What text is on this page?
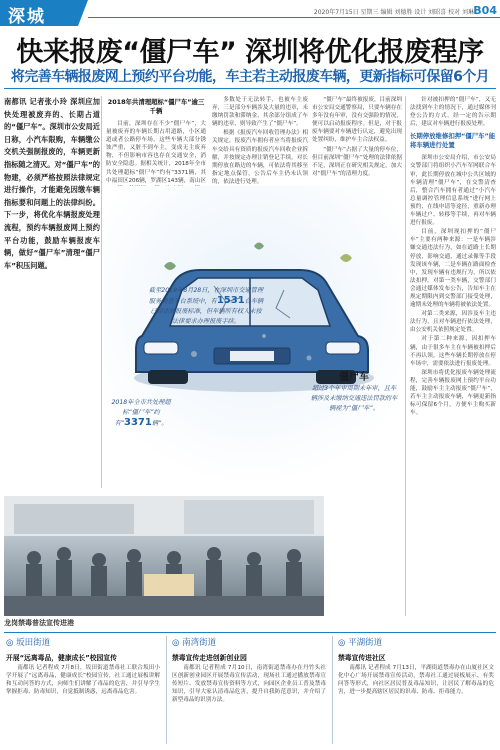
深城	2020年7月15日 星期三 编辑 刘德胜 设计 刘昭喜 校对 刘琳 B04
快来报废“僵尸车” 深圳将优化报废程序
将完善车辆报废网上预约平台功能，车主若主动报废车辆，更新指标可保留6个月
南都讯 记者张小玲 深圳应加快处理被废弃的、长期占道的“僵尸车”。深圳市公安局近日称，小汽车限购，车辆缴公交机关强制报废的，车辆更新指标随之清灭。对“僵尸车”的物建，必须严格按照法律规定进行操作，才能避免因缴车辆指标要和问题上的法律纠纷。下一步，将优化车辆报废处理流程，预约车辆报废网上预约平台功能，鼓励车辆报废车辆，做好“僵尸车”清理“僵尸车”积压问题。
2018年共清理超标“僵尸车”逾三千辆

目前，深圳存在不少“僵尸车”，大量被废弃的车辆长期占用道路，小区通道或者公路停车场，这些车辆大部分锈蚀严重，又脏不到车主，变成无主废弃物，不但影响市容也存在交通安全，消防安全隐患。据相关统计，2018年全市共处理超标“僵尸车”约有“3371辆，其中福田区206辆，罗湖区143辆，南山区

多数处于无法转手，也被车主废弃，三是部分车辆涉及大量的违章，未缴纳罚款和滞纳金，其余部分组成了车辆的违章，则导致产生了“僵尸车”。

根据《报废汽车回收管理办法》相关规定，报废汽车拥有者应当将报废汽车交给具有资质的报废汽车回收企业拆解，并按规定办理注销登记手续。对长期停放在路边的车辆，可依法将其移至指定地点保管，公告后车主仍未认领的，依法进行处理。

“僵尸车”最终被报废，目前深圳市公安局交通警察局，只要车辆存在多年没有年审，没有交强险的情况，便可以启动报废程序。但是，对于报废车辆要对车辆进行认定，避免出现处置纠纷，维护车主合法权益。

“僵尸车”占据了大量的停车位，但目前深圳“僵尸车”处理的法律依据不足，深圳正在研究相关规定，加大对“僵尸车”的清理力度。

针对被扣押的“僵尸车”，又无法找到车主的情况下，通过媒体刊登公告的方式，经一定的告示期后，建议对车辆进行报废处理。

长期停放维修扣押“僵尸车”能将车辆进行处置

深圳市公安局介绍，市公安局交警部门将组织小汽车军网联合车审，此长期停放在城中公共区域的车辆清理“僵尸车”，在交警清查后，整合汽车拥有者通过“小汽车总量调控管理信息系统”进行网上预约、在线申请等途径，重新办理车辆过户、转移等手续，再对车辆进行报废。

目前，深圳现扣押的“僵尸车”主要有两种来源：一是车辆涉嫌交通违法行为，如在道路上长期停放，影响交通，通过录像等手段发现该车辆，二是车辆在路面检查中，发现车辆有违规行为，所以依法扣押。对第一类车辆，交警部门会通过媒体发布公告，告知车主在规定期限内到交警部门接受处理，逾期未处理的车辆将被依法处置。

对第二类来源，因涉及车主违法行为，且对车辆进行依法处理，由公安机关依照规定处置。

对于第二种来源，因扣押车辆，由于很多车主在车辆被扣押后不再认领，这些车辆长期停放在停车场中，需要依法进行报废处理。

深圳市将优化报废车辆处理流程，完善车辆报废网上预约平台功能，鼓励车主主动报废“僵尸车”，若车主主动报废车辆，车辆更新指标可保留6个月，方便车主购买新车。

截至2019年8月28日，在深圳市交通管理服务调查平台系统中，有1531台车辆已经达到报废标准，但车辆所有权人未按法律要求办理报废手续。
2018年全市共处理超标“僵尸车”约有“3371辆”。
僵尸车
超过3个年审周期未年审，且车辆涉及未缴纳交通违法罚款的车辆视为“僵尸车”。
龙岗禁毒普法宣传进港
◎ 坂田街道
开展“远离毒品，健康成长”校园宣传

南都讯 记者程成 7月8日，坂田街道禁毒社工联合坂田小学开展了“远离毒品，健康成长”校园宣传，社工通过展板讲解和互动问答的方式，向师生们讲解了毒品的危害，并引导学生掌握拒毒、防毒知识，自觉抵制诱惑，远离毒品危害。

◎ 南湾街道
禁毒宣传走进创新创业园

南都讯 记者程成 7月10日，南湾街道禁毒办在丹竹头社区创新创业园区开展禁毒宣传活动，现场社工通过播放禁毒宣传短片、发放禁毒宣传资料等方式，向园区企业员工普及禁毒知识，引导大家认清毒品危害，提升自我防范意识，并介绍了新型毒品的识别方法。

◎ 平湖街道
禁毒宣传进社区

南都讯 记者程成 7月13日，平湖街道禁毒办在山厦社区文化中心广场开展禁毒宣传活动，禁毒社工通过展板展示、有奖问答等形式，向社区居民普及毒品知识，让居民了解毒品的危害，进一步提高辖区居民的识毒、防毒、拒毒能力。
